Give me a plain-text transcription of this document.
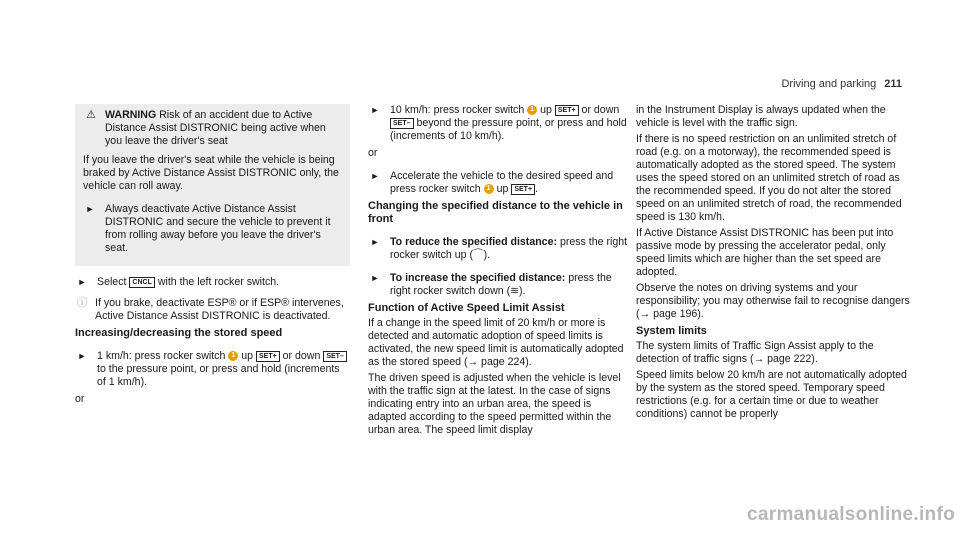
Driving and parking 211
⚠ WARNING Risk of an accident due to Active Distance Assist DISTRONIC being active when you leave the driver's seat

If you leave the driver's seat while the vehicle is being braked by Active Distance Assist DISTRONIC only, the vehicle can roll away.

► Always deactivate Active Distance Assist DISTRONIC and secure the vehicle to prevent it from rolling away before you leave the driver's seat.
► Select CNCL with the left rocker switch.
ⓘ If you brake, deactivate ESP® or if ESP® intervenes, Active Distance Assist DISTRONIC is deactivated.
Increasing/decreasing the stored speed
► 1 km/h: press rocker switch 1 up SET+ or down SET– to the pressure point, or press and hold (increments of 1 km/h).

or

► 10 km/h: press rocker switch 1 up SET+ or down SET– beyond the pressure point, or press and hold (increments of 10 km/h).

or

► Accelerate the vehicle to the desired speed and press rocker switch 1 up SET+ .
Changing the specified distance to the vehicle in front
► To reduce the specified distance: press the right rocker switch up (⌒).
► To increase the specified distance: press the right rocker switch down (≋).
Function of Active Speed Limit Assist

If a change in the speed limit of 20 km/h or more is detected and automatic adoption of speed limits is activated, the new speed limit is automatically adopted as the stored speed (→ page 224).

The driven speed is adjusted when the vehicle is level with the traffic sign at the latest. In the case of signs indicating entry into an urban area, the speed is adapted according to the speed permitted within the urban area. The speed limit display

in the Instrument Display is always updated when the vehicle is level with the traffic sign.

If there is no speed restriction on an unlimited stretch of road (e.g. on a motorway), the recommended speed is automatically adopted as the stored speed. The system uses the speed stored on an unlimited stretch of road as the recommended speed. If you do not alter the stored speed on an unlimited stretch of road, the recommended speed is 130 km/h.

If Active Distance Assist DISTRONIC has been put into passive mode by pressing the accelerator pedal, only speed limits which are higher than the set speed are adopted.

Observe the notes on driving systems and your responsibility; you may otherwise fail to recognise dangers (→ page 196).

System limits

The system limits of Traffic Sign Assist apply to the detection of traffic signs (→ page 222).

Speed limits below 20 km/h are not automatically adopted by the system as the stored speed. Temporary speed restrictions (e.g. for a certain time or due to weather conditions) cannot be properly

carmanualsonline.info
